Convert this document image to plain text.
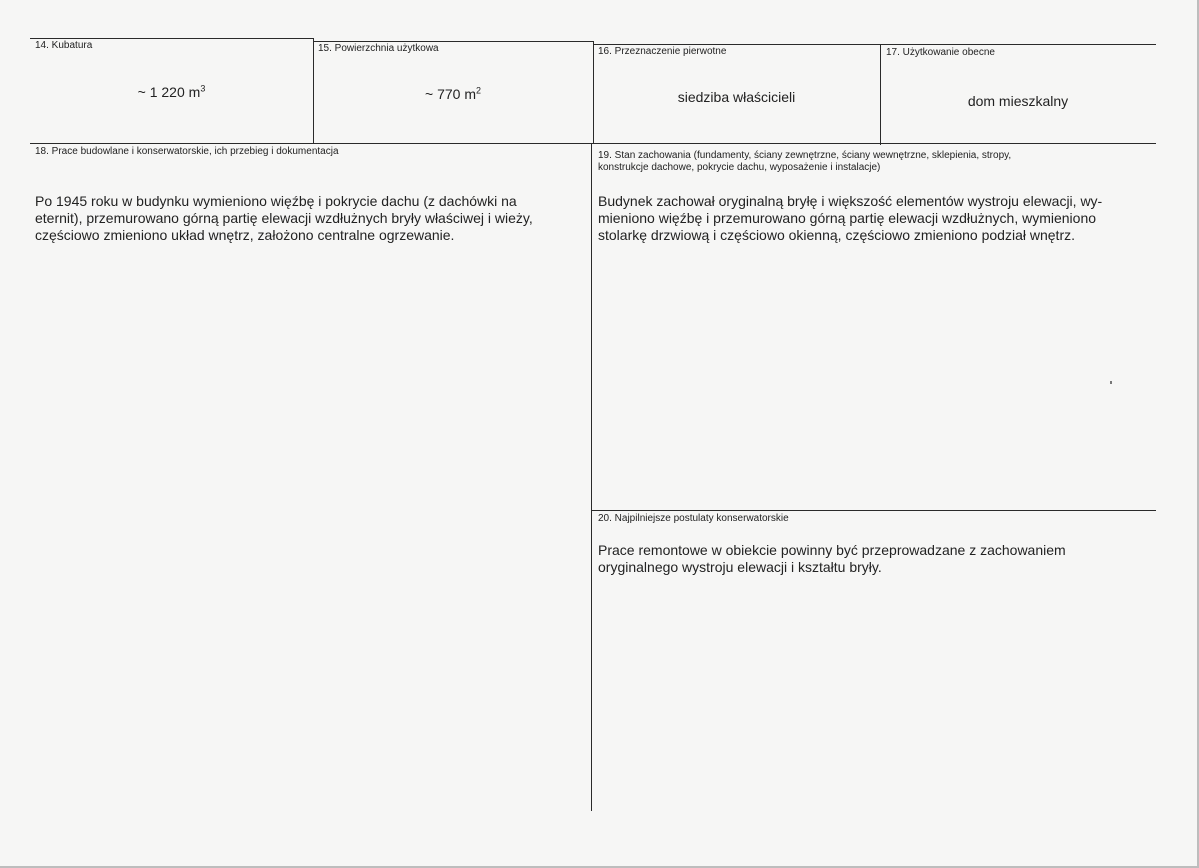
14. Kubatura
~ 1 220 $m^3$
15. Powierzchnia użytkowa
~ 770 $m^2$
16. Przeznaczenie pierwotne
siedziba właścicieli
17. Użytkowanie obecne
dom mieszkalny
18. Prace budowlane i konserwatorskie, ich przebieg i dokumentacja
Po 1945 roku w budynku wymieniono więźbę i pokrycie dachu (z dachówki na
eternit), przemurowano górną partię elewacji wzdłużnych bryły właściwej i wieży,
częściowo zmieniono układ wnętrz, założono centralne ogrzewanie.
19. Stan zachowania (fundamenty, ściany zewnętrzne, ściany wewnętrzne, sklepienia, stropy,
konstrukcje dachowe, pokrycie dachu, wyposażenie i instalacje)
Budynek zachował oryginalną bryłę i większość elementów wystroju elewacji, wy-
mieniono więźbę i przemurowano górną partię elewacji wzdłużnych, wymieniono
stolarkę drzwiową i częściowo okienną, częściowo zmieniono podział wnętrz.
20. Najpilniejsze postulaty konserwatorskie
Prace remontowe w obiekcie powinny być przeprowadzane z zachowaniem
oryginalnego wystroju elewacji i kształtu bryły.
